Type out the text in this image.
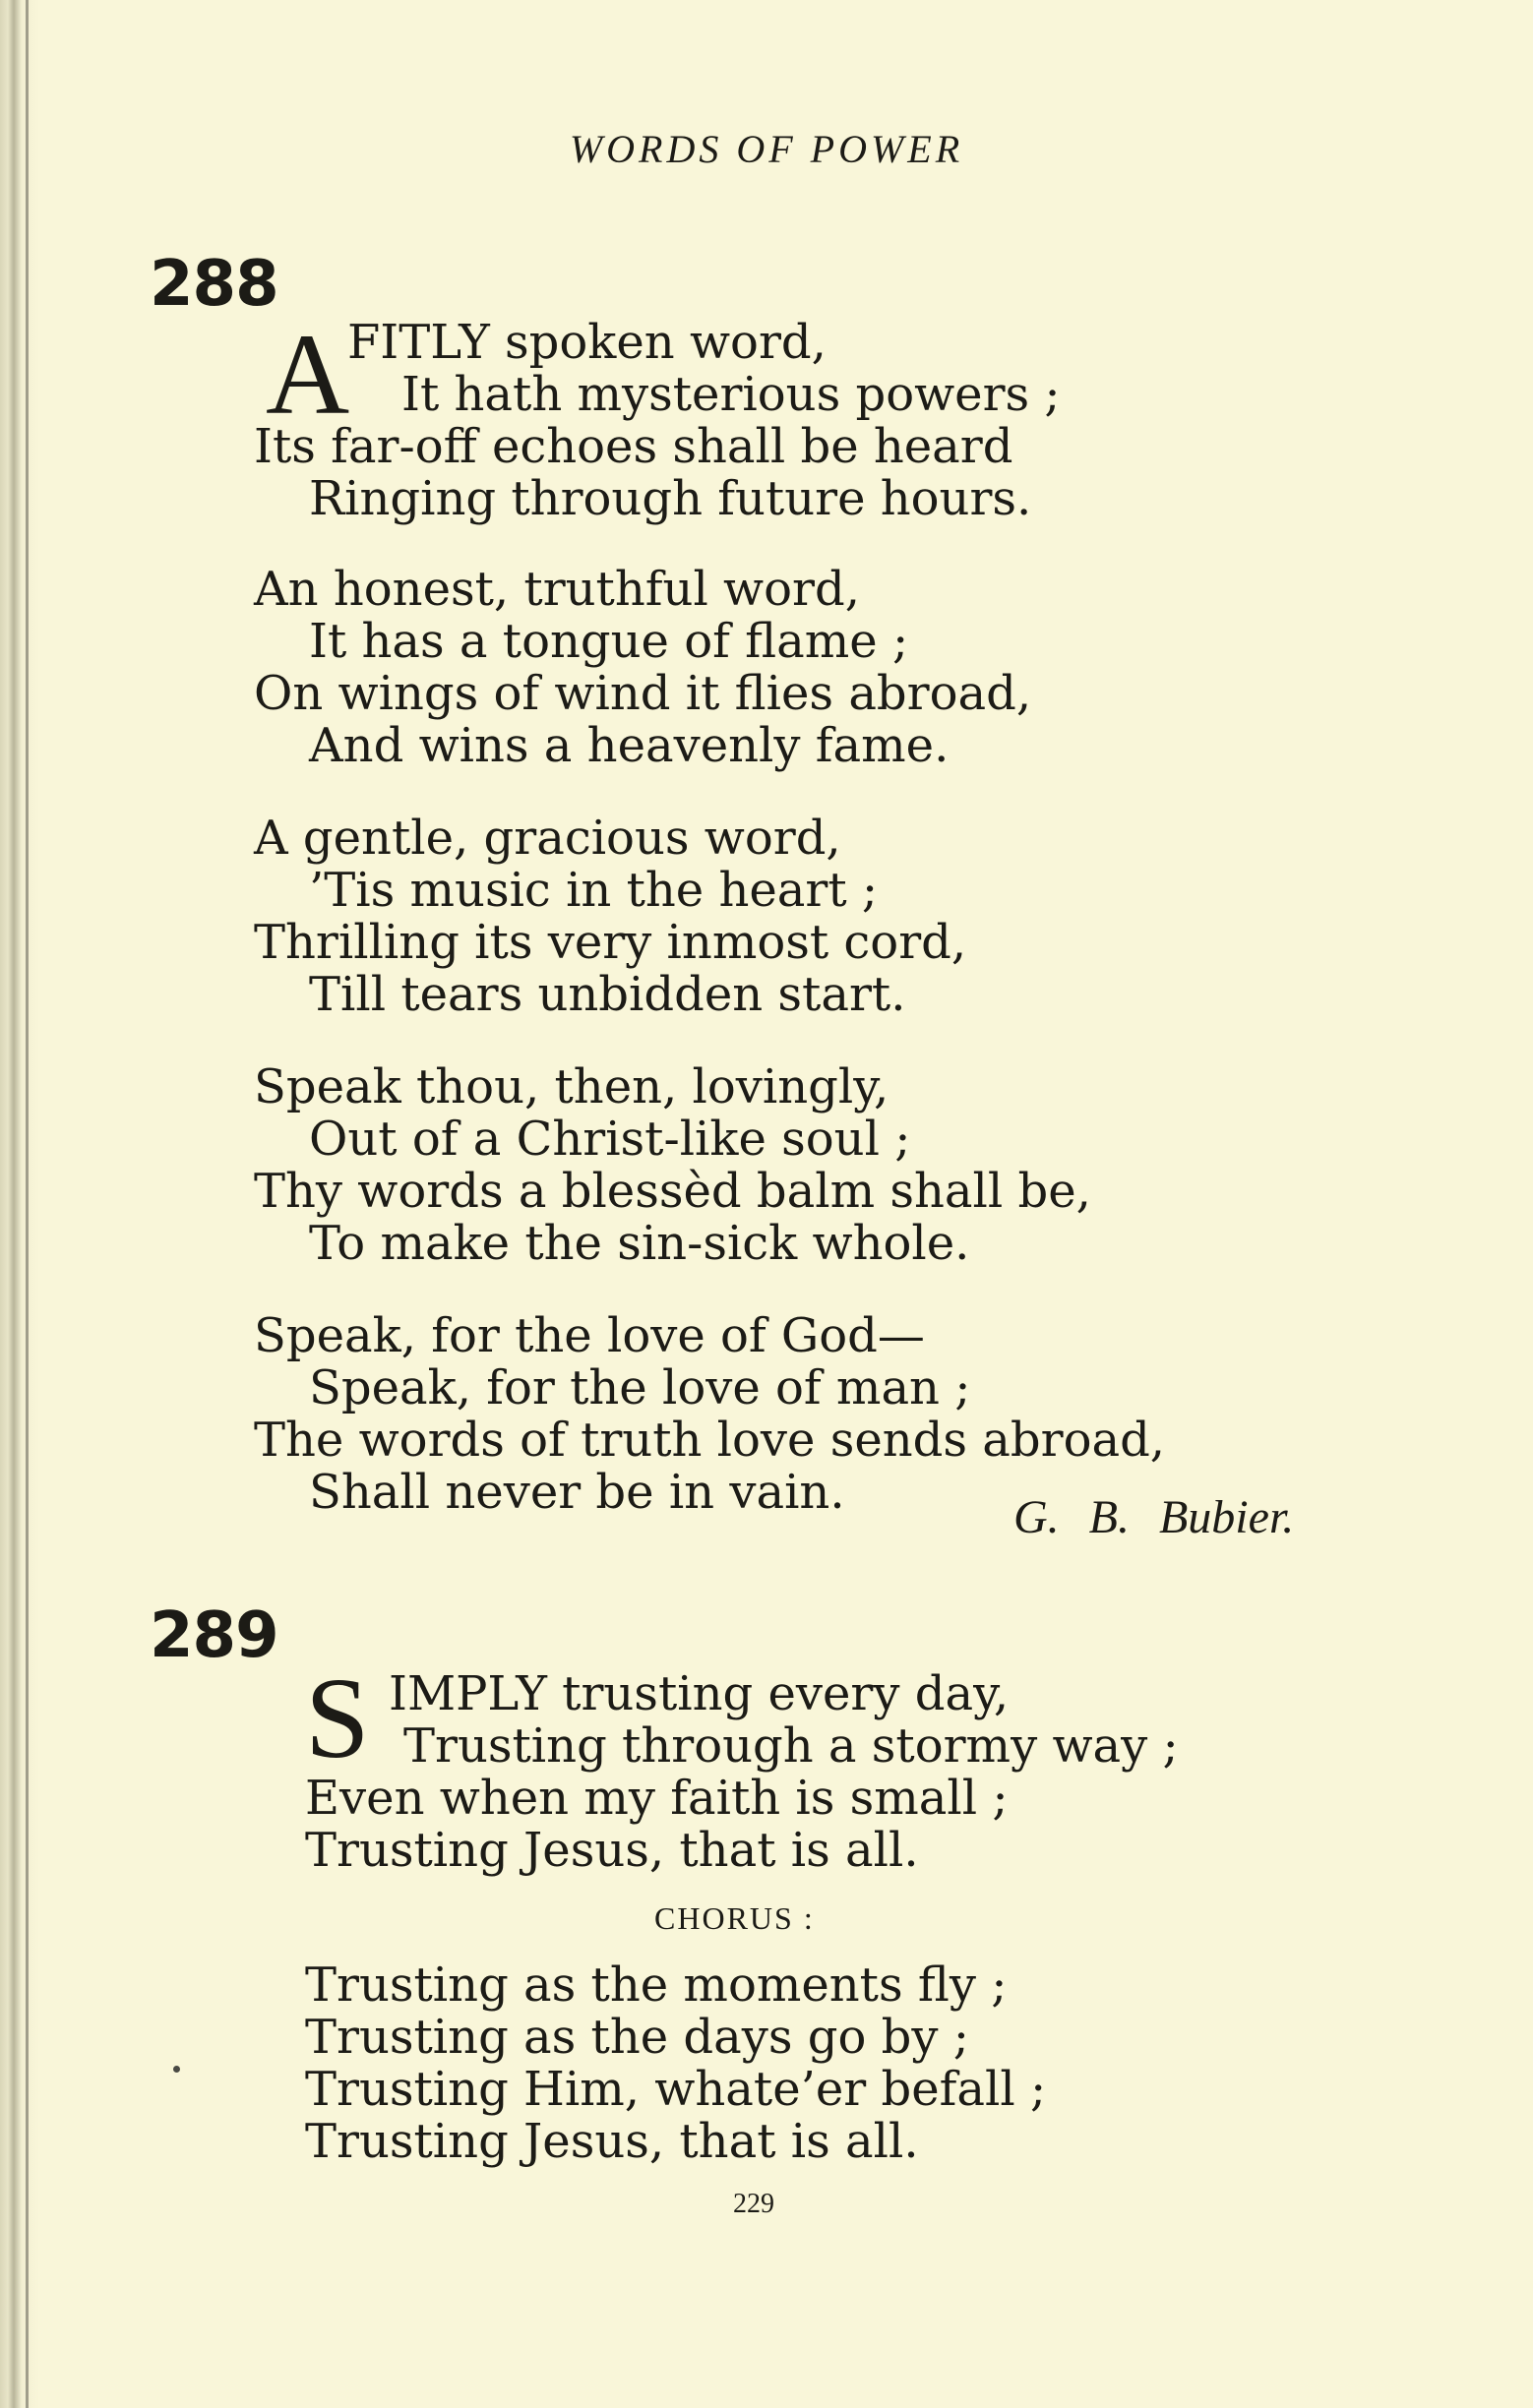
WORDS OF POWER
288
A
FITLY spoken word,
It hath mysterious powers ;
Its far-off echoes shall be heard
Ringing through future hours.
An honest, truthful word,
It has a tongue of flame ;
On wings of wind it flies abroad,
And wins a heavenly fame.
A gentle, gracious word,
’Tis music in the heart ;
Thrilling its very inmost cord,
Till tears unbidden start.
Speak thou, then, lovingly,
Out of a Christ-like soul ;
Thy words a blessèd balm shall be,
To make the sin-sick whole.
Speak, for the love of God—
Speak, for the love of man ;
The words of truth love sends abroad,
Shall never be in vain.	G. B. Bubier.
289
S IMPLY trusting every day,
Trusting through a stormy way ;
Even when my faith is small ;
Trusting Jesus, that is all.
CHORUS :
Trusting as the moments fly ;
Trusting as the days go by ;
Trusting Him, whate’er befall ;
Trusting Jesus, that is all.
229
